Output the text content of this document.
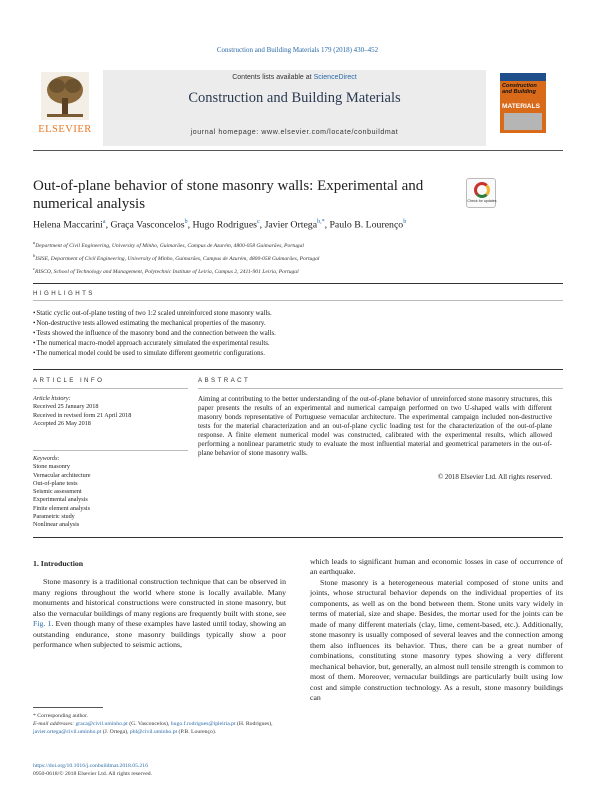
Construction and Building Materials 179 (2018) 430–452
ELSEVIER
Contents lists available at ScienceDirect
Construction and Building Materials
journal homepage: www.elsevier.com/locate/conbuildmat
Construction
and Building
MATERIALS
Out-of-plane behavior of stone masonry walls: Experimental and numerical analysis	Check for updates
Helena Maccarini$^a$, Graça Vasconcelos$^b$, Hugo Rodrigues$^c$, Javier Ortega$^{b,*}$, Paulo B. Lourenço$^b$
$^a$Department of Civil Engineering, University of Minho, Guimarães, Campus de Azurém, 4800-058 Guimarães, Portugal
$^b$ISISE, Department of Civil Engineering, University of Minho, Guimarães, Campus de Azurém, 4800-058 Guimarães, Portugal
$^c$RISCO, School of Technology and Management, Polytechnic Institute of Leiria, Campus 2, 2411-901 Leiria, Portugal
HIGHLIGHTS
• Static cyclic out-of-plane testing of two 1:2 scaled unreinforced stone masonry walls.
• Non-destructive tests allowed estimating the mechanical properties of the masonry.
• Tests showed the influence of the masonry bond and the connection between the walls.
• The numerical macro-model approach accurately simulated the experimental results.
• The numerical model could be used to simulate different geometric configurations.
ARTICLE INFO	ABSTRACT
Article history:
Received 25 January 2018
Received in revised form 21 April 2018
Accepted 26 May 2018
Keywords:
Stone masonry
Vernacular architecture
Out-of-plane tests
Seismic assessment
Experimental analysis
Finite element analysis
Parametric study
Nonlinear analysis
Aiming at contributing to the better understanding of the out-of-plane behavior of unreinforced stone masonry structures, this paper presents the results of an experimental and numerical campaign performed on two U-shaped walls with different masonry bonds representative of Portuguese vernacular architecture. The experimental campaign included non-destructive tests for the material characterization and an out-of-plane cyclic loading test for the characterization of the out-of-plane response. A finite element numerical model was constructed, calibrated with the experimental results, which allowed performing a nonlinear parametric study to evaluate the most influential material and geometrical parameters in the out-of-plane behavior of stone masonry walls.
© 2018 Elsevier Ltd. All rights reserved.

1. Introduction

Stone masonry is a traditional construction technique that can be observed in many regions throughout the world where stone is locally available. Many monuments and historical constructions were constructed in stone masonry, but also the vernacular buildings of many regions are frequently built with stone, see Fig. 1. Even though many of these examples have lasted until today, showing an outstanding endurance, stone masonry buildings typically show a poor performance when subjected to seismic actions,

which leads to significant human and economic losses in case of occurrence of an earthquake.

Stone masonry is a heterogeneous material composed of stone units and joints, whose structural behavior depends on the individual properties of its components, as well as on the bond between them. Stone units vary widely in terms of material, size and shape. Besides, the mortar used for the joints can be made of many different materials (clay, lime, cement-based, etc.). Additionally, stone masonry is usually composed of several leaves and the connection among them also influences its behavior. Thus, there can be a great number of combinations, constituting stone masonry types showing a very different mechanical behavior, but, generally, an almost null tensile strength is common to most of them. Moreover, vernacular buildings are particularly built using low cost and simple construction technology. As a result, stone masonry buildings can

* Corresponding author.
E-mail addresses: graca@civil.uminho.pt (G. Vasconcelos), hugo.f.rodrigues@ipleiria.pt (H. Rodrigues), javier.ortega@civil.uminho.pt (J. Ortega), pbl@civil.uminho.pt (P.B. Lourenço).
https://doi.org/10.1016/j.conbuildmat.2018.05.216
0950-0618/© 2018 Elsevier Ltd. All rights reserved.
